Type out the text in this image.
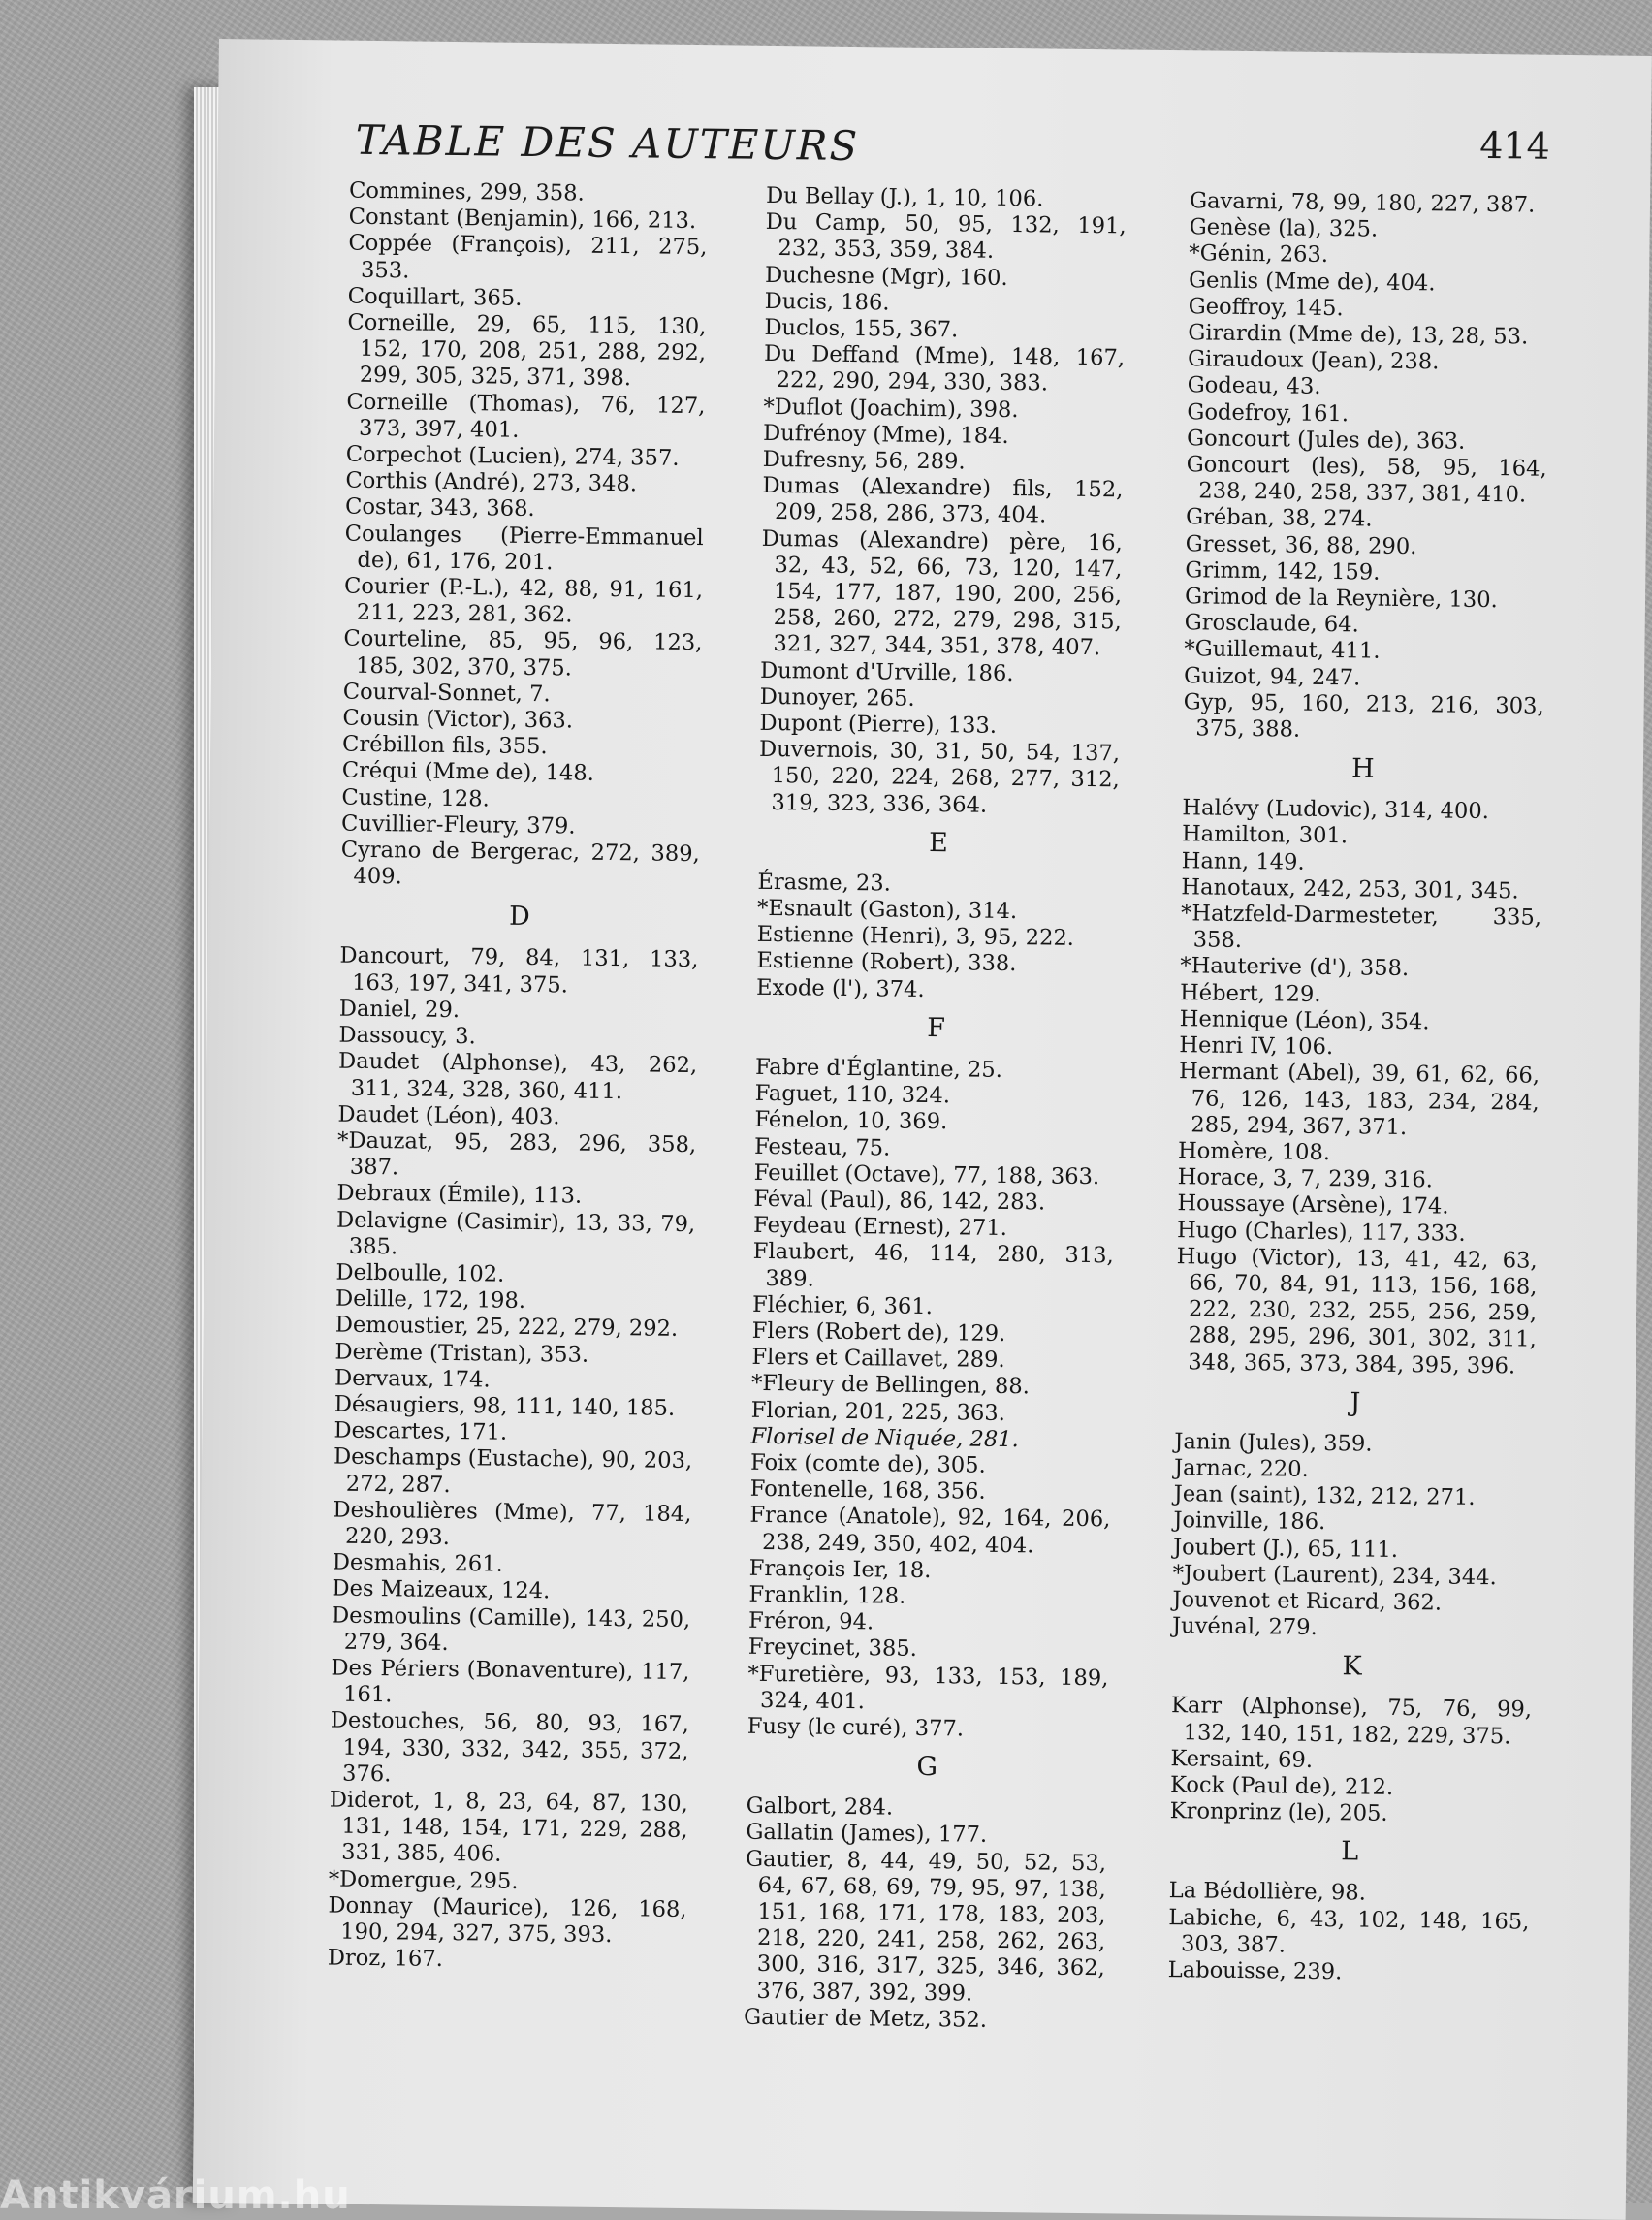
TABLE DES AUTEURS	414
Commines, 299, 358.
Constant (Benjamin), 166, 213.
Coppée (François), 211, 275, 353.
Coquillart, 365.
Corneille, 29, 65, 115, 130, 152, 170, 208, 251, 288, 292, 299, 305, 325, 371, 398.
Corneille (Thomas), 76, 127, 373, 397, 401.
Corpechot (Lucien), 274, 357.
Corthis (André), 273, 348.
Costar, 343, 368.
Coulanges (Pierre-Emmanuel de), 61, 176, 201.
Courier (P.-L.), 42, 88, 91, 161, 211, 223, 281, 362.
Courteline, 85, 95, 96, 123, 185, 302, 370, 375.
Courval-Sonnet, 7.
Cousin (Victor), 363.
Crébillon fils, 355.
Créqui (Mme de), 148.
Custine, 128.
Cuvillier-Fleury, 379.
Cyrano de Bergerac, 272, 389, 409.
D
Dancourt, 79, 84, 131, 133, 163, 197, 341, 375.
Daniel, 29.
Dassoucy, 3.
Daudet (Alphonse), 43, 262, 311, 324, 328, 360, 411.
Daudet (Léon), 403.
*Dauzat, 95, 283, 296, 358, 387.
Debraux (Émile), 113.
Delavigne (Casimir), 13, 33, 79, 385.
Delboulle, 102.
Delille, 172, 198.
Demoustier, 25, 222, 279, 292.
Derème (Tristan), 353.
Dervaux, 174.
Désaugiers, 98, 111, 140, 185.
Descartes, 171.
Deschamps (Eustache), 90, 203, 272, 287.
Deshoulières (Mme), 77, 184, 220, 293.
Desmahis, 261.
Des Maizeaux, 124.
Desmoulins (Camille), 143, 250, 279, 364.
Des Périers (Bonaventure), 117, 161.
Destouches, 56, 80, 93, 167, 194, 330, 332, 342, 355, 372, 376.
Diderot, 1, 8, 23, 64, 87, 130, 131, 148, 154, 171, 229, 288, 331, 385, 406.
*Domergue, 295.
Donnay (Maurice), 126, 168, 190, 294, 327, 375, 393.
Droz, 167.
Du Bellay (J.), 1, 10, 106.
Du Camp, 50, 95, 132, 191, 232, 353, 359, 384.
Duchesne (Mgr), 160.
Ducis, 186.
Duclos, 155, 367.
Du Deffand (Mme), 148, 167, 222, 290, 294, 330, 383.
*Duflot (Joachim), 398.
Dufrénoy (Mme), 184.
Dufresny, 56, 289.
Dumas (Alexandre) fils, 152, 209, 258, 286, 373, 404.
Dumas (Alexandre) père, 16, 32, 43, 52, 66, 73, 120, 147, 154, 177, 187, 190, 200, 256, 258, 260, 272, 279, 298, 315, 321, 327, 344, 351, 378, 407.
Dumont d'Urville, 186.
Dunoyer, 265.
Dupont (Pierre), 133.
Duvernois, 30, 31, 50, 54, 137, 150, 220, 224, 268, 277, 312, 319, 323, 336, 364.
E
Érasme, 23.
*Esnault (Gaston), 314.
Estienne (Henri), 3, 95, 222.
Estienne (Robert), 338.
Exode (l'), 374.
F
Fabre d'Églantine, 25.
Faguet, 110, 324.
Fénelon, 10, 369.
Festeau, 75.
Feuillet (Octave), 77, 188, 363.
Féval (Paul), 86, 142, 283.
Feydeau (Ernest), 271.
Flaubert, 46, 114, 280, 313, 389.
Fléchier, 6, 361.
Flers (Robert de), 129.
Flers et Caillavet, 289.
*Fleury de Bellingen, 88.
Florian, 201, 225, 363.
Florisel de Niquée, 281.
Foix (comte de), 305.
Fontenelle, 168, 356.
France (Anatole), 92, 164, 206, 238, 249, 350, 402, 404.
François Ier, 18.
Franklin, 128.
Fréron, 94.
Freycinet, 385.
*Furetière, 93, 133, 153, 189, 324, 401.
Fusy (le curé), 377.
G
Galbort, 284.
Gallatin (James), 177.
Gautier, 8, 44, 49, 50, 52, 53, 64, 67, 68, 69, 79, 95, 97, 138, 151, 168, 171, 178, 183, 203, 218, 220, 241, 258, 262, 263, 300, 316, 317, 325, 346, 362, 376, 387, 392, 399.
Gautier de Metz, 352.
Gavarni, 78, 99, 180, 227, 387.
Genèse (la), 325.
*Génin, 263.
Genlis (Mme de), 404.
Geoffroy, 145.
Girardin (Mme de), 13, 28, 53.
Giraudoux (Jean), 238.
Godeau, 43.
Godefroy, 161.
Goncourt (Jules de), 363.
Goncourt (les), 58, 95, 164, 238, 240, 258, 337, 381, 410.
Gréban, 38, 274.
Gresset, 36, 88, 290.
Grimm, 142, 159.
Grimod de la Reynière, 130.
Grosclaude, 64.
*Guillemaut, 411.
Guizot, 94, 247.
Gyp, 95, 160, 213, 216, 303, 375, 388.
H
Halévy (Ludovic), 314, 400.
Hamilton, 301.
Hann, 149.
Hanotaux, 242, 253, 301, 345.
*Hatzfeld-Darmesteter, 335, 358.
*Hauterive (d'), 358.
Hébert, 129.
Hennique (Léon), 354.
Henri IV, 106.
Hermant (Abel), 39, 61, 62, 66, 76, 126, 143, 183, 234, 284, 285, 294, 367, 371.
Homère, 108.
Horace, 3, 7, 239, 316.
Houssaye (Arsène), 174.
Hugo (Charles), 117, 333.
Hugo (Victor), 13, 41, 42, 63, 66, 70, 84, 91, 113, 156, 168, 222, 230, 232, 255, 256, 259, 288, 295, 296, 301, 302, 311, 348, 365, 373, 384, 395, 396.
J
Janin (Jules), 359.
Jarnac, 220.
Jean (saint), 132, 212, 271.
Joinville, 186.
Joubert (J.), 65, 111.
*Joubert (Laurent), 234, 344.
Jouvenot et Ricard, 362.
Juvénal, 279.
K
Karr (Alphonse), 75, 76, 99, 132, 140, 151, 182, 229, 375.
Kersaint, 69.
Kock (Paul de), 212.
Kronprinz (le), 205.
L
La Bédollière, 98.
Labiche, 6, 43, 102, 148, 165, 303, 387.
Labouisse, 239.
Antikvárium.hu
